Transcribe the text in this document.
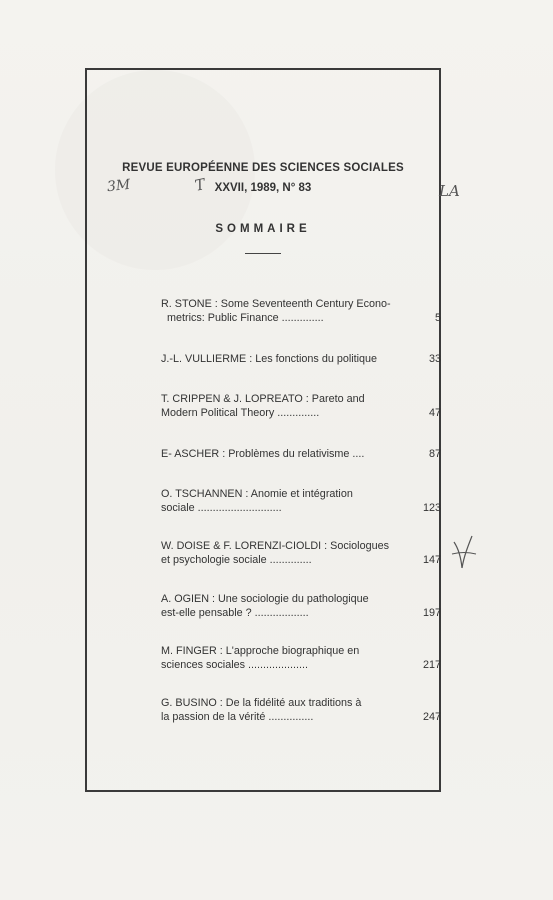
REVUE EUROPÉENNE DES SCIENCES SOCIALES
XXVII, 1989, N° 83
3M	T	LA
SOMMAIRE
R. STONE : Some Seventeenth Century Econo-
metrics: Public Finance ..............	5
J.-L. VULLIERME : Les fonctions du politique	33
T. CRIPPEN & J. LOPREATO : Pareto and
Modern Political Theory ..............	47
E- ASCHER : Problèmes du relativisme ....	87
O. TSCHANNEN : Anomie et intégration
sociale ............................	123
W. DOISE & F. LORENZI-CIOLDI : Sociologues
et psychologie sociale ..............	147
A. OGIEN : Une sociologie du pathologique
est-elle pensable ? ..................	197
M. FINGER : L'approche biographique en
sciences sociales ....................	217
G. BUSINO : De la fidélité aux traditions à
la passion de la vérité ...............	247
